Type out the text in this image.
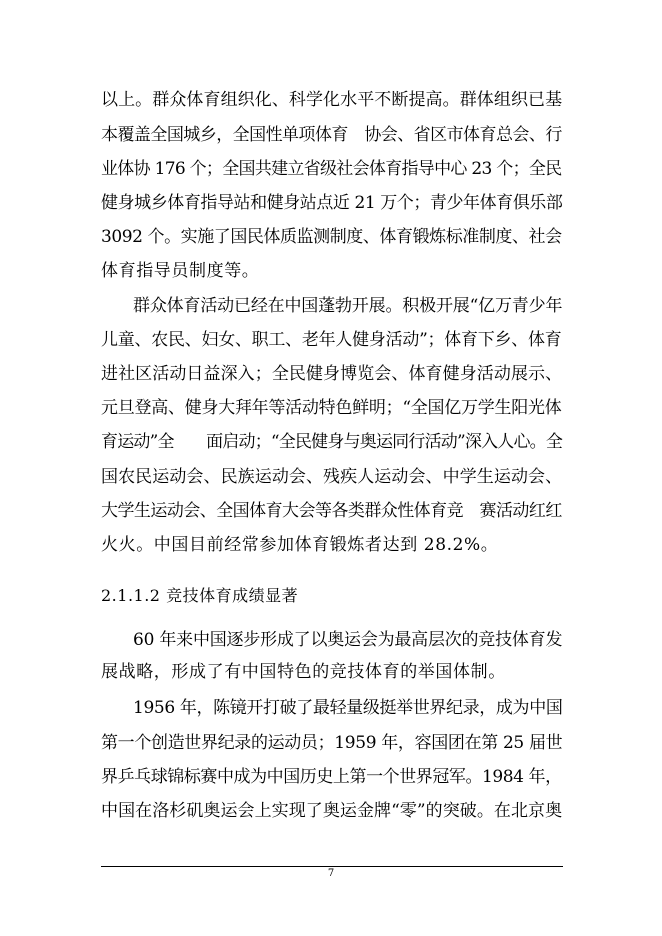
以上。群众体育组织化、科学化水平不断提高。群体组织已基
本覆盖全国城乡，全国性单项体育　协会、省区市体育总会、行
业体协 176 个；全国共建立省级社会体育指导中心 23 个；全民
健身城乡体育指导站和健身站点近 21 万个；青少年体育俱乐部
3092 个。实施了国民体质监测制度、体育锻炼标准制度、社会
体育指导员制度等。
群众体育活动已经在中国蓬勃开展。积极开展“亿万青少年
儿童、农民、妇女、职工、老年人健身活动”；体育下乡、体育
进社区活动日益深入；全民健身博览会、体育健身活动展示、
元旦登高、健身大拜年等活动特色鲜明；“全国亿万学生阳光体
育运动”全　　面启动；“全民健身与奥运同行活动”深入人心。全
国农民运动会、民族运动会、残疾人运动会、中学生运动会、
大学生运动会、全国体育大会等各类群众性体育竞　赛活动红红
火火。中国目前经常参加体育锻炼者达到 28.2%。
2.1.1.2 竞技体育成绩显著
60 年来中国逐步形成了以奥运会为最高层次的竞技体育发
展战略，形成了有中国特色的竞技体育的举国体制。
1956 年，陈镜开打破了最轻量级挺举世界纪录，成为中国
第一个创造世界纪录的运动员；1959 年，容国团在第 25 届世
界乒乓球锦标赛中成为中国历史上第一个世界冠军。1984 年，
中国在洛杉矶奥运会上实现了奥运金牌“零”的突破。在北京奥
7
